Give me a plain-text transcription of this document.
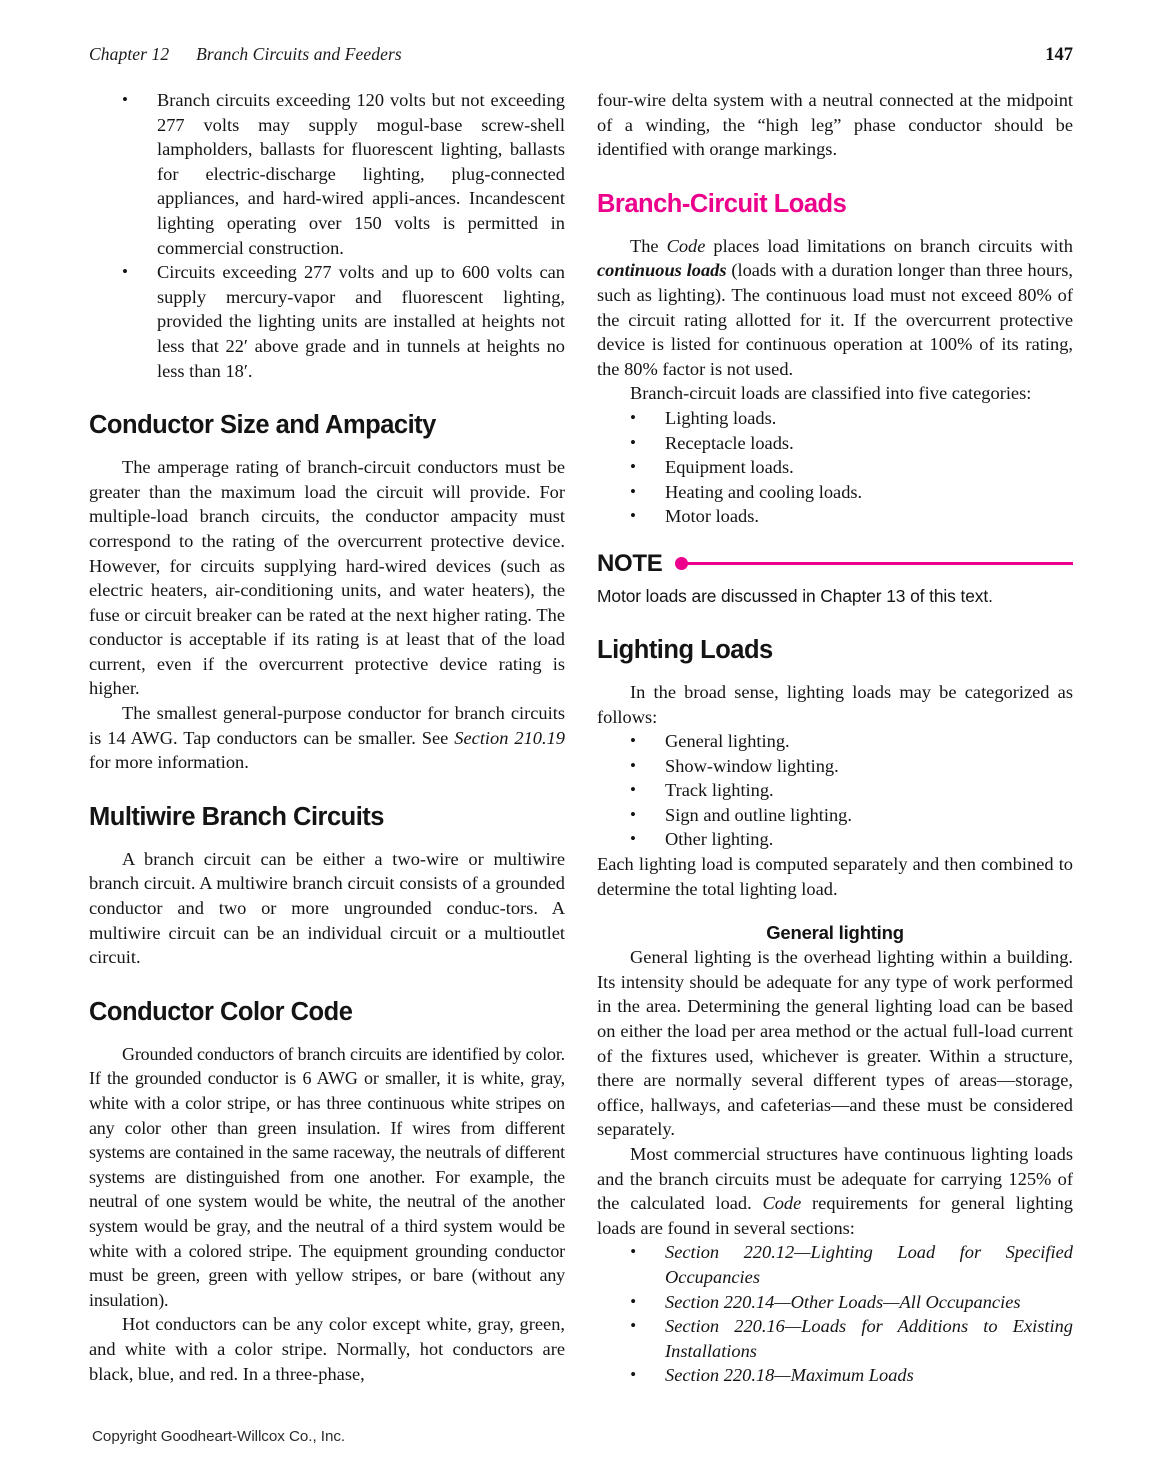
Chapter 12      Branch Circuits and Feeders	147
• Branch circuits exceeding 120 volts but not exceeding 277 volts may supply mogul-base screw-shell lampholders, ballasts for fluorescent lighting, ballasts for electric-discharge lighting, plug-connected appliances, and hard-wired appli-ances. Incandescent lighting operating over 150 volts is permitted in commercial construction.
• Circuits exceeding 277 volts and up to 600 volts can supply mercury-vapor and fluorescent lighting, provided the lighting units are installed at heights not less that 22′ above grade and in tunnels at heights no less than 18′.
Conductor Size and Ampacity

The amperage rating of branch-circuit conductors must be greater than the maximum load the circuit will provide. For multiple-load branch circuits, the conductor ampacity must correspond to the rating of the overcurrent protective device. However, for circuits supplying hard-wired devices (such as electric heaters, air-conditioning units, and water heaters), the fuse or circuit breaker can be rated at the next higher rating. The conductor is acceptable if its rating is at least that of the load current, even if the overcurrent protective device rating is higher.

The smallest general-purpose conductor for branch circuits is 14 AWG. Tap conductors can be smaller. See Section 210.19 for more information.

Multiwire Branch Circuits

A branch circuit can be either a two-wire or multiwire branch circuit. A multiwire branch circuit consists of a grounded conductor and two or more ungrounded conduc-tors. A multiwire circuit can be an individual circuit or a multioutlet circuit.

Conductor Color Code

Grounded conductors of branch circuits are identified by color. If the grounded conductor is 6 AWG or smaller, it is white, gray, white with a color stripe, or has three continuous white stripes on any color other than green insulation. If wires from different systems are contained in the same raceway, the neutrals of different systems are distinguished from one another. For example, the neutral of one system would be white, the neutral of the another system would be gray, and the neutral of a third system would be white with a colored stripe. The equipment grounding conductor must be green, green with yellow stripes, or bare (without any insulation).

Hot conductors can be any color except white, gray, green, and white with a color stripe. Normally, hot conductors are black, blue, and red. In a three-phase,

four-wire delta system with a neutral connected at the midpoint of a winding, the “high leg” phase conductor should be identified with orange markings.

Branch-Circuit Loads

The Code places load limitations on branch circuits with continuous loads (loads with a duration longer than three hours, such as lighting). The continuous load must not exceed 80% of the circuit rating allotted for it. If the overcurrent protective device is listed for continuous operation at 100% of its rating, the 80% factor is not used.

Branch-circuit loads are classified into five categories:

• Lighting loads.
• Receptacle loads.
• Equipment loads.
• Heating and cooling loads.
• Motor loads.
NOTE

Motor loads are discussed in Chapter 13 of this text.

Lighting Loads

In the broad sense, lighting loads may be categorized as follows:

• General lighting.
• Show-window lighting.
• Track lighting.
• Sign and outline lighting.
• Other lighting.

Each lighting load is computed separately and then combined to determine the total lighting load.

General lighting

General lighting is the overhead lighting within a building. Its intensity should be adequate for any type of work performed in the area. Determining the general lighting load can be based on either the load per area method or the actual full-load current of the fixtures used, whichever is greater. Within a structure, there are normally several different types of areas—storage, office, hallways, and cafeterias—and these must be considered separately.

Most commercial structures have continuous lighting loads and the branch circuits must be adequate for carrying 125% of the calculated load. Code requirements for general lighting loads are found in several sections:

• Section 220.12—Lighting Load for Specified Occupancies
• Section 220.14—Other Loads—All Occupancies
• Section 220.16—Loads for Additions to Existing Installations
• Section 220.18—Maximum Loads
Copyright Goodheart-Willcox Co., Inc.
